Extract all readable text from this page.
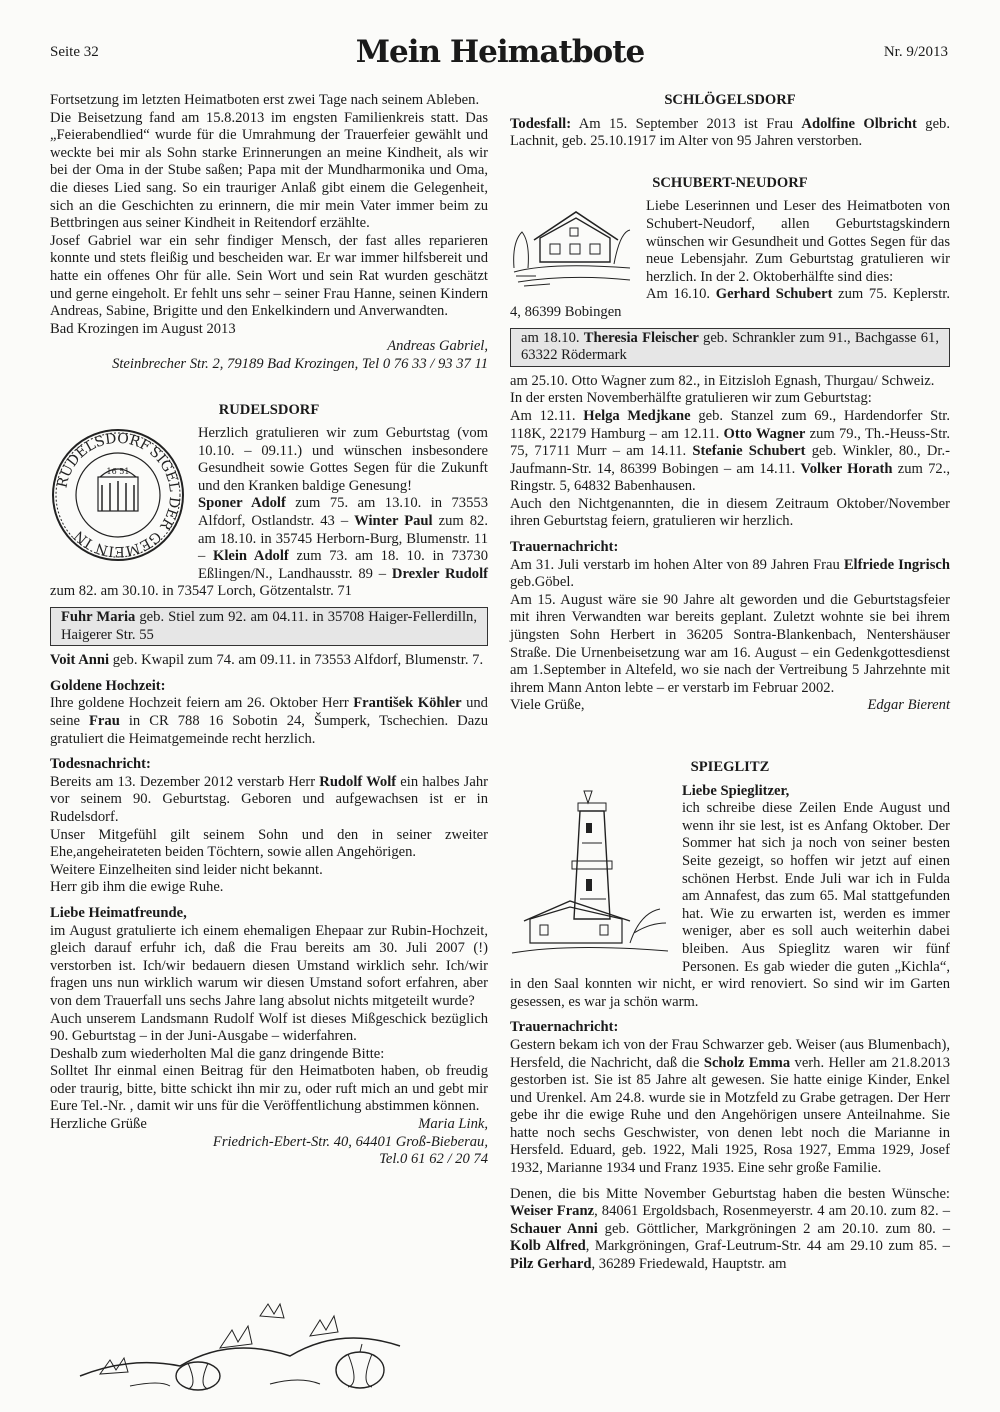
Seite 32	Mein Heimatbote	Nr. 9/2013

Fortsetzung im letzten Heimatboten erst zwei Tage nach seinem Ableben.

Die Beisetzung fand am 15.8.2013 im engsten Familienkreis statt. Das „Feierabendlied“ wurde für die Umrahmung der Trauerfeier gewählt und weckte bei mir als Sohn starke Erinnerungen an meine Kindheit, als wir bei der Oma in der Stube saßen; Papa mit der Mundharmonika und Oma, die dieses Lied sang. So ein trauriger Anlaß gibt einem die Gelegenheit, sich an die Geschichten zu erinnern, die mir mein Vater immer beim zu Bettbringen aus seiner Kindheit in Reitendorf erzählte.

Josef Gabriel war ein sehr findiger Mensch, der fast alles reparieren konnte und stets fleißig und bescheiden war. Er war immer hilfsbereit und hatte ein offenes Ohr für alle. Sein Wort und sein Rat wurden geschätzt und gerne eingeholt. Er fehlt uns sehr – seiner Frau Hanne, seinen Kindern Andreas, Sabine, Brigitte und den Enkelkindern und Anverwandten.

Bad Krozingen im August 2013

Andreas Gabriel,

Steinbrecher Str. 2, 79189 Bad Krozingen, Tel 0 76 33 / 93 37 11

RUDELSDORF

RUDELSDORF
SIGEL DER
GEMEIN IN
16 51

Herzlich gratulieren wir zum Geburtstag (vom 10.10. – 09.11.) und wünschen insbesondere Gesundheit sowie Gottes Segen für die Zukunft und den Kranken baldige Genesung!

Sponer Adolf zum 75. am 13.10. in 73553 Alfdorf, Ostlandstr. 43 – Winter Paul zum 82. am 18.10. in 35745 Herborn-Burg, Blumenstr. 11 – Klein Adolf zum 73. am 18. 10. in 73730 Eßlingen/N., Landhausstr. 89 – Drexler Rudolf zum 82. am 30.10. in 73547 Lorch, Götzentalstr. 71

Fuhr Maria geb. Stiel zum 92. am 04.11. in 35708 Haiger-Fellerdilln, Haigerer Str. 55

Voit Anni geb. Kwapil zum 74. am 09.11. in 73553 Alfdorf, Blumenstr. 7.

Goldene Hochzeit:

Ihre goldene Hochzeit feiern am 26. Oktober Herr František Köhler und seine Frau in CR 788 16 Sobotin 24, Šumperk, Tschechien. Dazu gratuliert die Heimatgemeinde recht herzlich.

Todesnachricht:

Bereits am 13. Dezember 2012 verstarb Herr Rudolf Wolf ein halbes Jahr vor seinem 90. Geburtstag. Geboren und aufgewachsen ist er in Rudelsdorf.

Unser Mitgefühl gilt seinem Sohn und den in seiner zweiter Ehe,angeheirateten beiden Töchtern, sowie allen Angehörigen.

Weitere Einzelheiten sind leider nicht bekannt.

Herr gib ihm die ewige Ruhe.

Liebe Heimatfreunde,

im August gratulierte ich einem ehemaligen Ehepaar zur Rubin-Hochzeit, gleich darauf erfuhr ich, daß die Frau bereits am 30. Juli 2007 (!) verstorben ist. Ich/wir bedauern diesen Umstand wirklich sehr. Ich/wir fragen uns nun wirklich warum wir diesen Umstand sofort erfahren, aber von dem Trauerfall uns sechs Jahre lang absolut nichts mitgeteilt wurde?

Auch unserem Landsmann Rudolf Wolf ist dieses Mißgeschick bezüglich 90. Geburtstag – in der Juni-Ausgabe – widerfahren.

Deshalb zum wiederholten Mal die ganz dringende Bitte:

Solltet Ihr einmal einen Beitrag für den Heimatboten haben, ob freudig oder traurig, bitte, bitte schickt ihn mir zu, oder ruft mich an und gebt mir Eure Tel.-Nr. , damit wir uns für die Veröffentlichung abstimmen können.

Herzliche Grüße	Maria Link,

Friedrich-Ebert-Str. 40, 64401 Groß-Bieberau,

Tel.0 61 62 / 20 74

SCHLÖGELSDORF

Todesfall: Am 15. September 2013 ist Frau Adolfine Olbricht geb. Lachnit, geb. 25.10.1917 im Alter von 95 Jahren verstorben.

SCHUBERT-NEUDORF

Liebe Leserinnen und Leser des Heimatboten von Schubert-Neudorf, allen Geburtstagskindern wünschen wir Gesundheit und Gottes Segen für das neue Lebensjahr. Zum Geburtstag gratulieren wir herzlich. In der 2. Oktoberhälfte sind dies:

Am 16.10. Gerhard Schubert zum 75. Keplerstr. 4, 86399 Bobingen

am 18.10. Theresia Fleischer geb. Schrankler zum 91., Bachgasse 61, 63322 Rödermark

am 25.10. Otto Wagner zum 82., in Eitzisloh Egnash, Thurgau/ Schweiz.

In der ersten Novemberhälfte gratulieren wir zum Geburtstag:

Am 12.11. Helga Medjkane geb. Stanzel zum 69., Hardendorfer Str. 118K, 22179 Hamburg – am 12.11. Otto Wagner zum 79., Th.-Heuss-Str. 75, 71711 Murr – am 14.11. Stefanie Schubert geb. Winkler, 80., Dr.-Jaufmann-Str. 14, 86399 Bobingen – am 14.11. Volker Horath zum 72., Ringstr. 5, 64832 Babenhausen.

Auch den Nichtgenannten, die in diesem Zeitraum Oktober/November ihren Geburtstag feiern, gratulieren wir herzlich.

Trauernachricht:

Am 31. Juli verstarb im hohen Alter von 89 Jahren Frau Elfriede Ingrisch geb.Göbel.

Am 15. August wäre sie 90 Jahre alt geworden und die Geburtstagsfeier mit ihren Verwandten war bereits geplant. Zuletzt wohnte sie bei ihrem jüngsten Sohn Herbert in 36205 Sontra-Blankenbach, Nentershäuser Straße. Die Urnenbeisetzung war am 16. August – ein Gedenkgottesdienst am 1.September in Altefeld, wo sie nach der Vertreibung 5 Jahrzehnte mit ihrem Mann Anton lebte – er verstarb im Februar 2002.

Viele Grüße,	Edgar Bierent

SPIEGLITZ

Liebe Spieglitzer,

ich schreibe diese Zeilen Ende August und wenn ihr sie lest, ist es Anfang Oktober. Der Sommer hat sich ja noch von seiner besten Seite gezeigt, so hoffen wir jetzt auf einen schönen Herbst. Ende Juli war ich in Fulda am Annafest, das zum 65. Mal stattgefunden hat. Wie zu erwarten ist, werden es immer weniger, aber es soll auch weiterhin dabei bleiben. Aus Spieglitz waren wir fünf Personen. Es gab wieder die guten „Kichla“, in den Saal konnten wir nicht, er wird renoviert. So sind wir im Garten gesessen, es war ja schön warm.

Trauernachricht:

Gestern bekam ich von der Frau Schwarzer geb. Weiser (aus Blumenbach), Hersfeld, die Nachricht, daß die Scholz Emma verh. Heller am 21.8.2013 gestorben ist. Sie ist 85 Jahre alt gewesen. Sie hatte einige Kinder, Enkel und Urenkel. Am 24.8. wurde sie in Motzfeld zu Grabe getragen. Der Herr gebe ihr die ewige Ruhe und den Angehörigen unsere Anteilnahme. Sie hatte noch sechs Geschwister, von denen lebt noch die Marianne in Hersfeld. Eduard, geb. 1922, Mali 1925, Rosa 1927, Emma 1929, Josef 1932, Marianne 1934 und Franz 1935. Eine sehr große Familie.

Denen, die bis Mitte November Geburtstag haben die besten Wünsche: Weiser Franz, 84061 Ergoldsbach, Rosenmeyerstr. 4 am 20.10. zum 82. – Schauer Anni geb. Göttlicher, Markgröningen 2 am 20.10. zum 80. – Kolb Alfred, Markgröningen, Graf-Leutrum-Str. 44 am 29.10 zum 85. – Pilz Gerhard, 36289 Friedewald, Hauptstr. am
